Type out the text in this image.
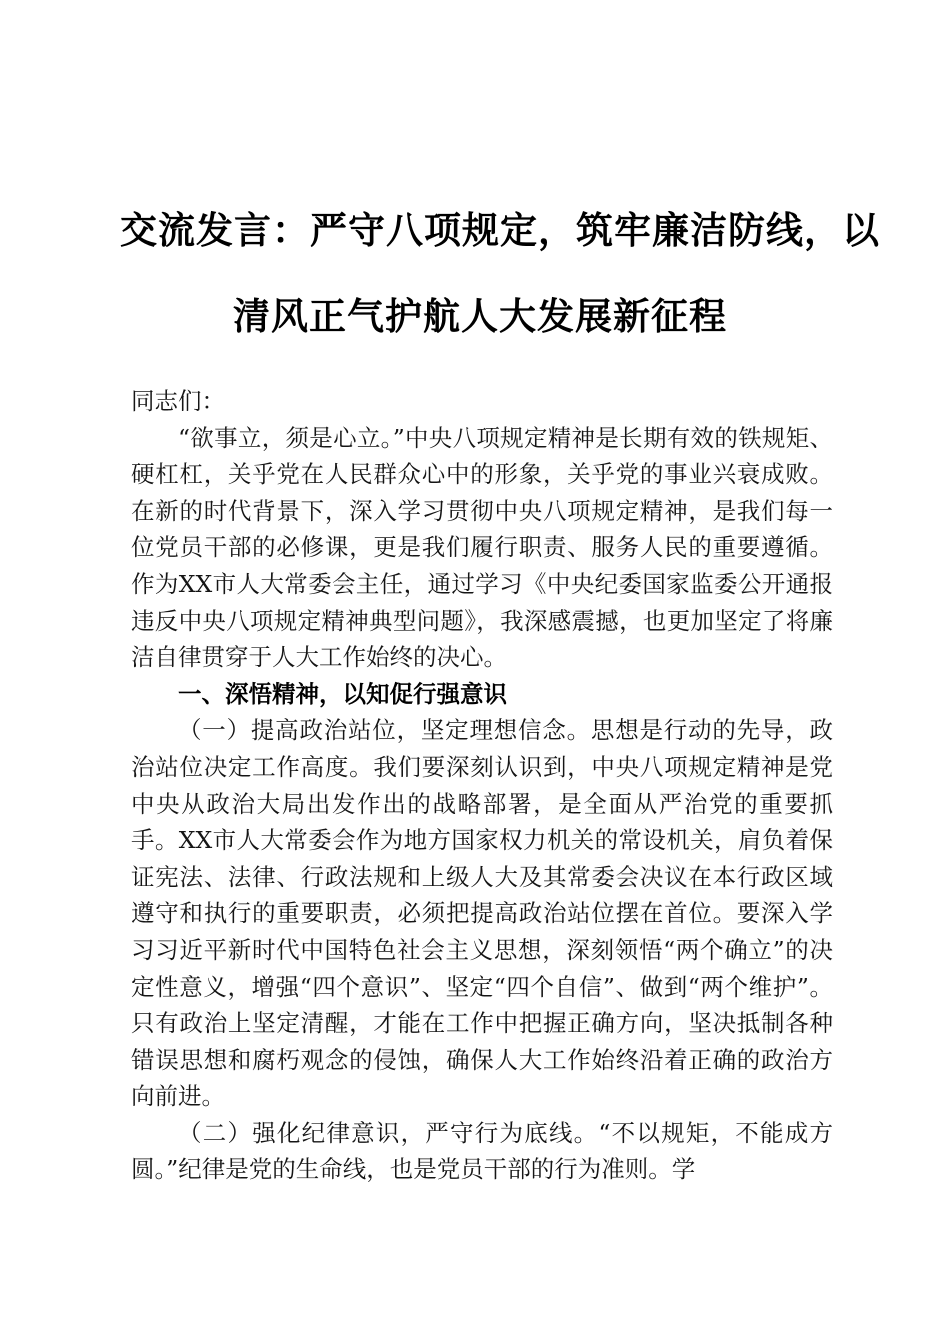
交流发言：严守八项规定，筑牢廉洁防线，以
清风正气护航人大发展新征程

同志们：

“欲事立，须是心立。”中央八项规定精神是长期有效的铁规矩、硬杠杠，关乎党在人民群众心中的形象，关乎党的事业兴衰成败。在新的时代背景下，深入学习贯彻中央八项规定精神，是我们每一位党员干部的必修课，更是我们履行职责、服务人民的重要遵循。作为XX市人大常委会主任，通过学习《中央纪委国家监委公开通报违反中央八项规定精神典型问题》，我深感震撼，也更加坚定了将廉洁自律贯穿于人大工作始终的决心。

一、深悟精神，以知促行强意识

（一）提高政治站位，坚定理想信念。思想是行动的先导，政治站位决定工作高度。我们要深刻认识到，中央八项规定精神是党中央从政治大局出发作出的战略部署，是全面从严治党的重要抓手。XX市人大常委会作为地方国家权力机关的常设机关，肩负着保证宪法、法律、行政法规和上级人大及其常委会决议在本行政区域遵守和执行的重要职责，必须把提高政治站位摆在首位。要深入学习习近平新时代中国特色社会主义思想，深刻领悟“两个确立”的决定性意义，增强“四个意识”、坚定“四个自信”、做到“两个维护”。只有政治上坚定清醒，才能在工作中把握正确方向，坚决抵制各种错误思想和腐朽观念的侵蚀，确保人大工作始终沿着正确的政治方向前进。

（二）强化纪律意识，严守行为底线。“不以规矩，不能成方圆。”纪律是党的生命线，也是党员干部的行为准则。学
